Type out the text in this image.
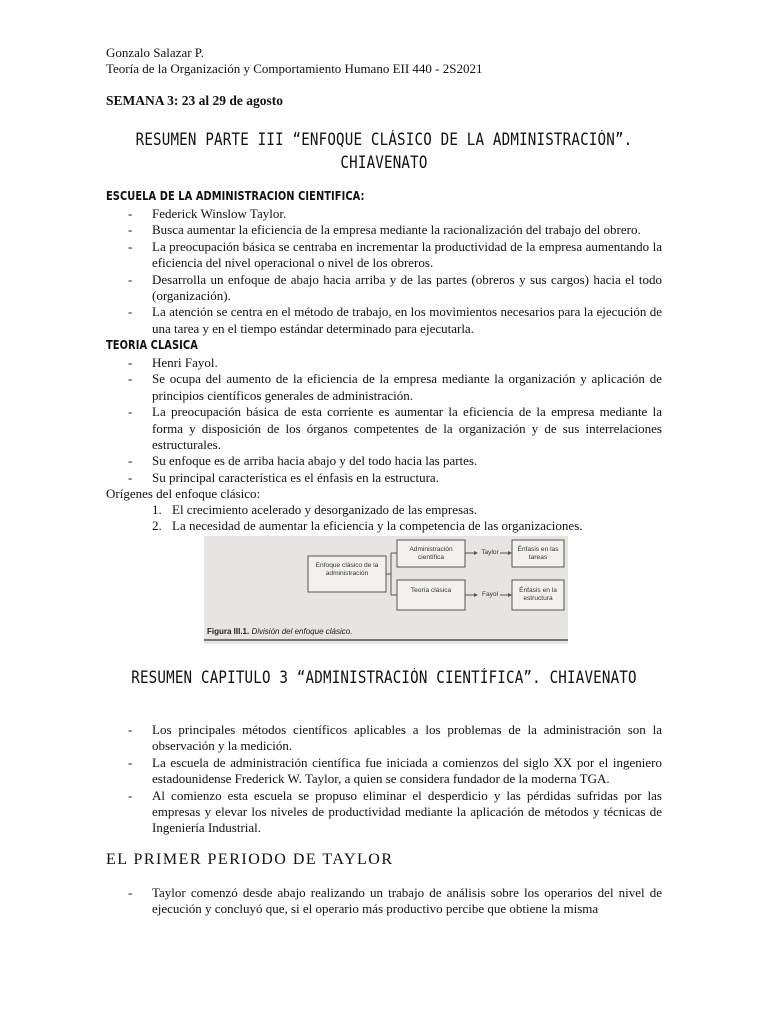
Gonzalo Salazar P.
Teoría de la Organización y Comportamiento Humano EII 440 - 2S2021
SEMANA 3: 23 al 29 de agosto
RESUMEN PARTE III “ENFOQUE CLÁSICO DE LA ADMINISTRACIÓN”.
CHIAVENATO
ESCUELA DE LA ADMINISTRACION CIENTIFICA:
- Federick Winslow Taylor.
- Busca aumentar la eficiencia de la empresa mediante la racionalización del trabajo del obrero.
- La preocupación básica se centraba en incrementar la productividad de la empresa aumentando la eficiencia del nivel operacional o nivel de los obreros.
- Desarrolla un enfoque de abajo hacia arriba y de las partes (obreros y sus cargos) hacia el todo (organización).
- La atención se centra en el método de trabajo, en los movimientos necesarios para la ejecución de una tarea y en el tiempo estándar determinado para ejecutarla.
TEORIA CLASICA
- Henri Fayol.
- Se ocupa del aumento de la eficiencia de la empresa mediante la organización y aplicación de principios científicos generales de administración.
- La preocupación básica de esta corriente es aumentar la eficiencia de la empresa mediante la forma y disposición de los órganos competentes de la organización y de sus interrelaciones estructurales.
- Su enfoque es de arriba hacia abajo y del todo hacia las partes.
- Su principal característica es el énfasis en la estructura.
Orígenes del enfoque clásico:
1. El crecimiento acelerado y desorganizado de las empresas.
2. La necesidad de aumentar la eficiencia y la competencia de las organizaciones.
Enfoque clásico de la administración
Administración científica
Teoría clásica
Taylor
Fayol
Énfasis en las tareas
Énfasis en la estructura
Figura III.1. División del enfoque clásico.
RESUMEN CAPITULO 3 “ADMINISTRACIÓN CIENTÍFICA”. CHIAVENATO
- Los principales métodos científicos aplicables a los problemas de la administración son la observación y la medición.
- La escuela de administración científica fue iniciada a comienzos del siglo XX por el ingeniero estadounidense Frederick W. Taylor, a quien se considera fundador de la moderna TGA.
- Al comienzo esta escuela se propuso eliminar el desperdicio y las pérdidas sufridas por las empresas y elevar los niveles de productividad mediante la aplicación de métodos y técnicas de Ingeniería Industrial.
EL PRIMER PERIODO DE TAYLOR
- Taylor comenzó desde abajo realizando un trabajo de análisis sobre los operarios del nivel de ejecución y concluyó que, si el operario más productivo percibe que obtiene la misma
